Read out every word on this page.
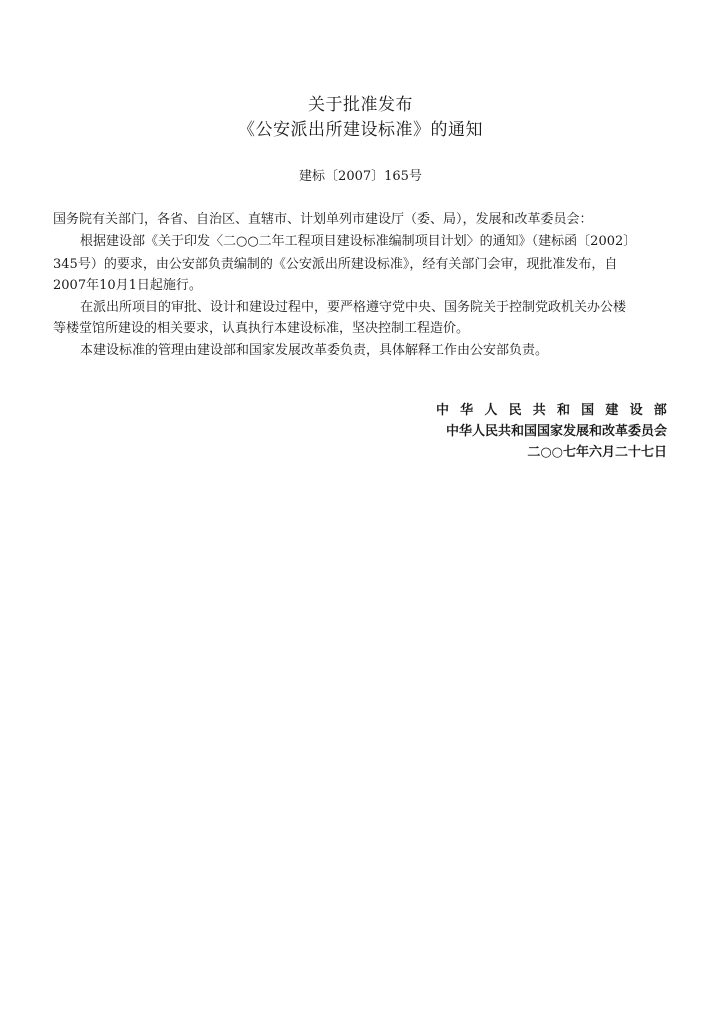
关于批准发布
《公安派出所建设标准》的通知
建标〔2007〕165号
国务院有关部门，各省、自治区、直辖市、计划单列市建设厅（委、局），发展和改革委员会：
根据建设部《关于印发〈二○○二年工程项目建设标准编制项目计划〉的通知》（建标函〔2002〕
345号）的要求，由公安部负责编制的《公安派出所建设标准》，经有关部门会审，现批准发布，自
2007年10月1日起施行。
在派出所项目的审批、设计和建设过程中，要严格遵守党中央、国务院关于控制党政机关办公楼
等楼堂馆所建设的相关要求，认真执行本建设标准，坚决控制工程造价。
本建设标准的管理由建设部和国家发展改革委负责，具体解释工作由公安部负责。
中华人民共和国建设部
中华人民共和国国家发展和改革委员会
二○○七年六月二十七日
